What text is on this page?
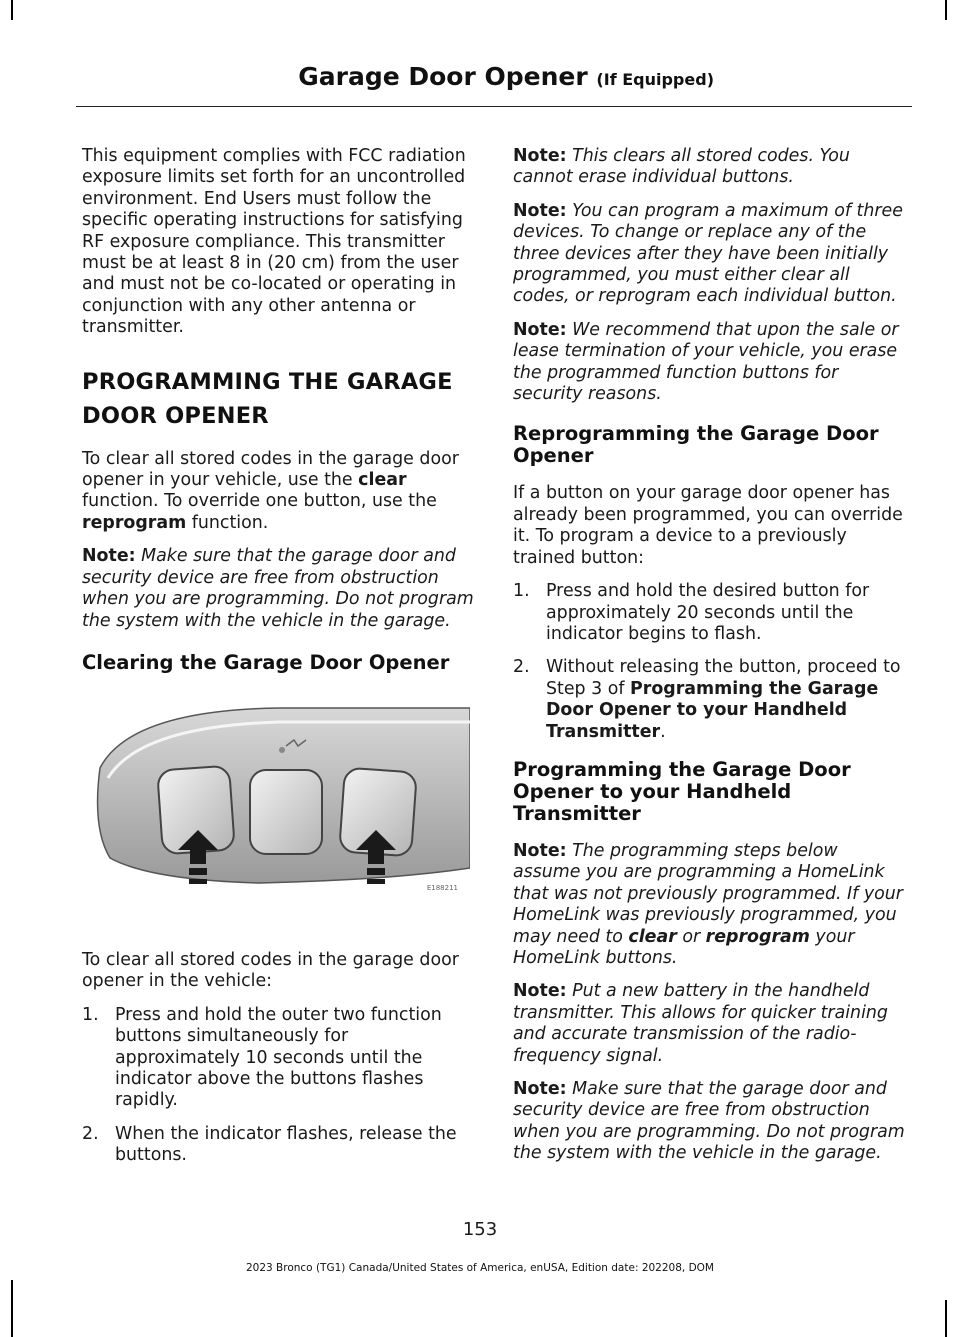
Garage Door Opener (If Equipped)

This equipment complies with FCC radiation exposure limits set forth for an uncontrolled environment. End Users must follow the specific operating instructions for satisfying RF exposure compliance. This transmitter must be at least 8 in (20 cm) from the user and must not be co-located or operating in conjunction with any other antenna or transmitter.

PROGRAMMING THE GARAGE
DOOR OPENER

To clear all stored codes in the garage door opener in your vehicle, use the clear function. To override one button, use the reprogram function.

Note: Make sure that the garage door and security device are free from obstruction when you are programming. Do not program the system with the vehicle in the garage.

Clearing the Garage Door Opener
E188211

To clear all stored codes in the garage door opener in the vehicle:

1. Press and hold the outer two function buttons simultaneously for approximately 10 seconds until the indicator above the buttons flashes rapidly.
2. When the indicator flashes, release the buttons.

Note: This clears all stored codes. You cannot erase individual buttons.

Note: You can program a maximum of three devices. To change or replace any of the three devices after they have been initially programmed, you must either clear all codes, or reprogram each individual button.

Note: We recommend that upon the sale or lease termination of your vehicle, you erase the programmed function buttons for security reasons.

Reprogramming the Garage Door Opener

If a button on your garage door opener has already been programmed, you can override it. To program a device to a previously trained button:

1. Press and hold the desired button for approximately 20 seconds until the indicator begins to flash.
2. Without releasing the button, proceed to Step 3 of Programming the Garage Door Opener to your Handheld Transmitter.
Programming the Garage Door Opener to your Handheld Transmitter

Note: The programming steps below assume you are programming a HomeLink that was not previously programmed. If your HomeLink was previously programmed, you may need to clear or reprogram your HomeLink buttons.

Note: Put a new battery in the handheld transmitter. This allows for quicker training and accurate transmission of the radio-frequency signal.

Note: Make sure that the garage door and security device are free from obstruction when you are programming. Do not program the system with the vehicle in the garage.

153
2023 Bronco (TG1) Canada/United States of America, enUSA, Edition date: 202208, DOM
